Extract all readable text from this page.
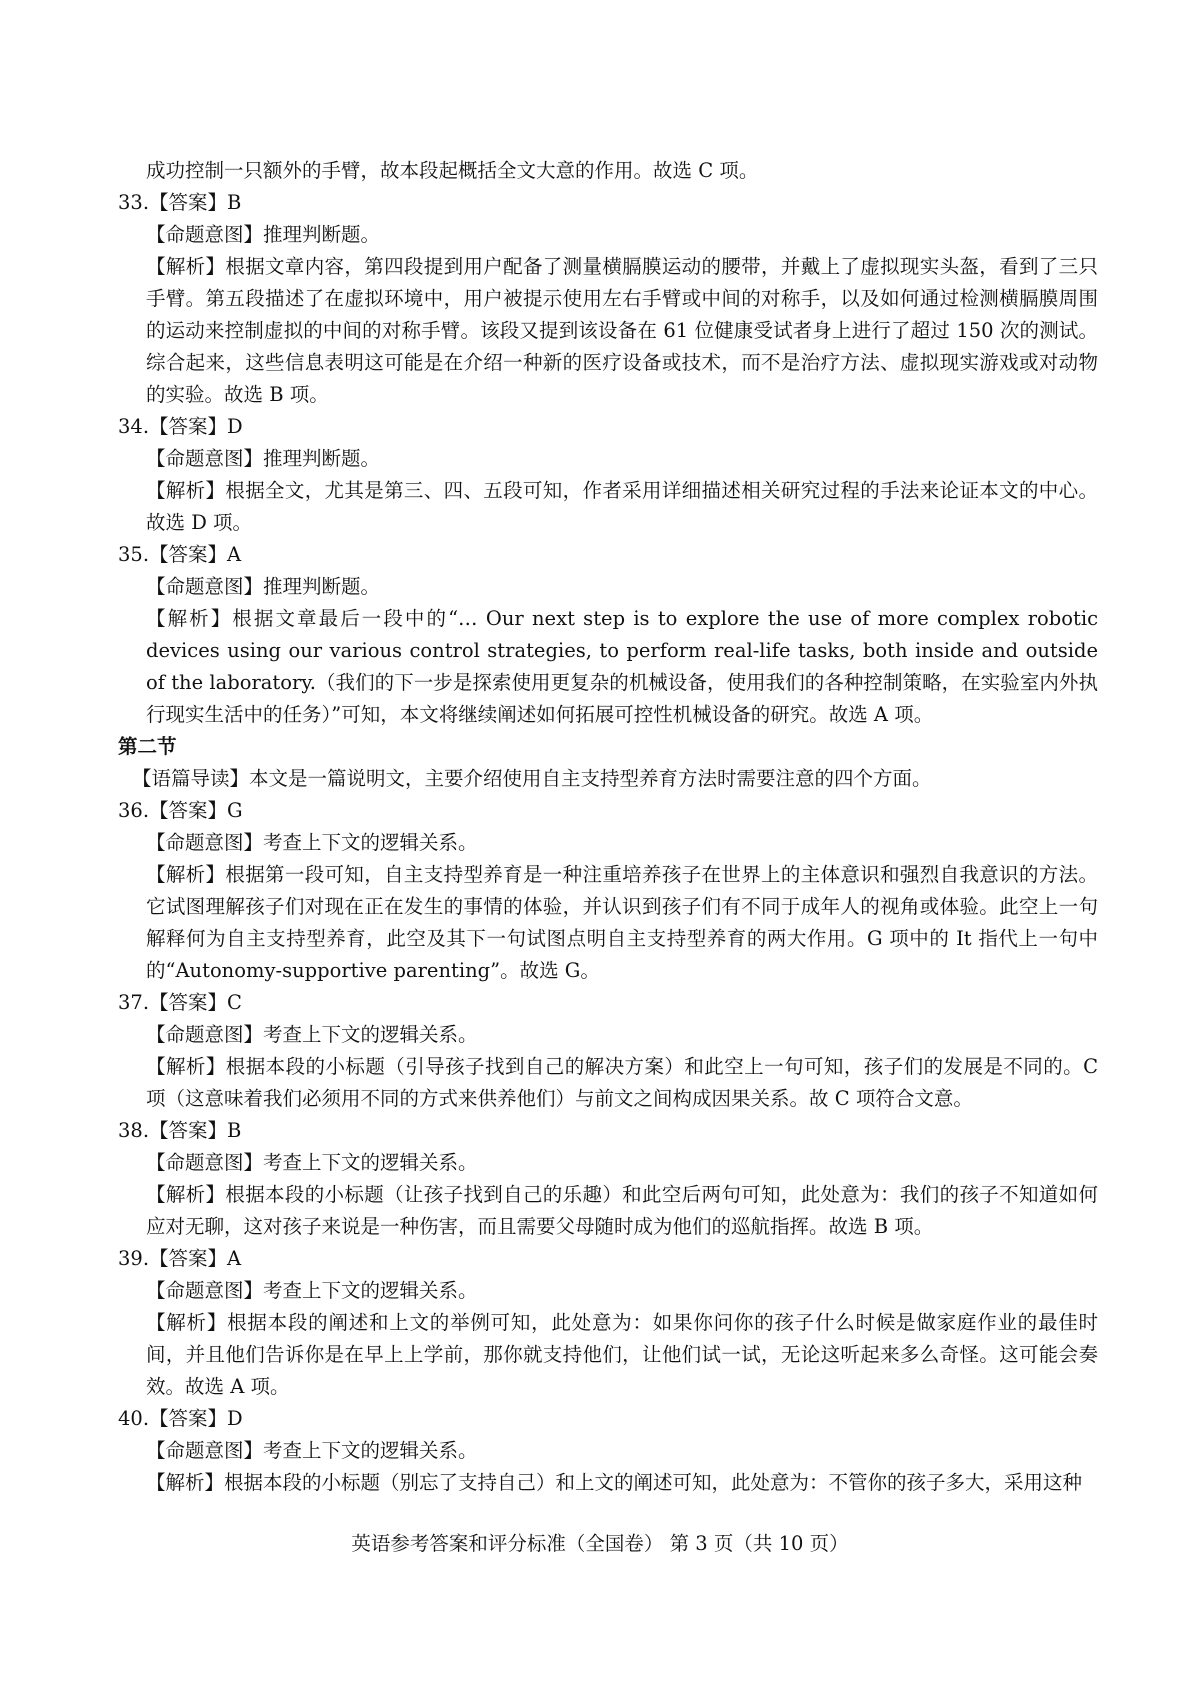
成功控制一只额外的手臂，故本段起概括全文大意的作用。故选 C 项。
33.【答案】B
【命题意图】推理判断题。
【解析】根据文章内容，第四段提到用户配备了测量横膈膜运动的腰带，并戴上了虚拟现实头盔，看到了三只手臂。第五段描述了在虚拟环境中，用户被提示使用左右手臂或中间的对称手，以及如何通过检测横膈膜周围的运动来控制虚拟的中间的对称手臂。该段又提到该设备在 61 位健康受试者身上进行了超过 150 次的测试。综合起来，这些信息表明这可能是在介绍一种新的医疗设备或技术，而不是治疗方法、虚拟现实游戏或对动物的实验。故选 B 项。
34.【答案】D
【命题意图】推理判断题。
【解析】根据全文，尤其是第三、四、五段可知，作者采用详细描述相关研究过程的手法来论证本文的中心。故选 D 项。
35.【答案】A
【命题意图】推理判断题。
【解析】根据文章最后一段中的“… Our next step is to explore the use of more complex robotic devices using our various control strategies, to perform real-life tasks, both inside and outside of the laboratory.（我们的下一步是探索使用更复杂的机械设备，使用我们的各种控制策略，在实验室内外执行现实生活中的任务）”可知，本文将继续阐述如何拓展可控性机械设备的研究。故选 A 项。
第二节
【语篇导读】本文是一篇说明文，主要介绍使用自主支持型养育方法时需要注意的四个方面。
36.【答案】G
【命题意图】考查上下文的逻辑关系。
【解析】根据第一段可知，自主支持型养育是一种注重培养孩子在世界上的主体意识和强烈自我意识的方法。它试图理解孩子们对现在正在发生的事情的体验，并认识到孩子们有不同于成年人的视角或体验。此空上一句解释何为自主支持型养育，此空及其下一句试图点明自主支持型养育的两大作用。G 项中的 It 指代上一句中的“Autonomy-supportive parenting”。故选 G。
37.【答案】C
【命题意图】考查上下文的逻辑关系。
【解析】根据本段的小标题（引导孩子找到自己的解决方案）和此空上一句可知，孩子们的发展是不同的。C 项（这意味着我们必须用不同的方式来供养他们）与前文之间构成因果关系。故 C 项符合文意。
38.【答案】B
【命题意图】考查上下文的逻辑关系。
【解析】根据本段的小标题（让孩子找到自己的乐趣）和此空后两句可知，此处意为：我们的孩子不知道如何应对无聊，这对孩子来说是一种伤害，而且需要父母随时成为他们的巡航指挥。故选 B 项。
39.【答案】A
【命题意图】考查上下文的逻辑关系。
【解析】根据本段的阐述和上文的举例可知，此处意为：如果你问你的孩子什么时候是做家庭作业的最佳时间，并且他们告诉你是在早上上学前，那你就支持他们，让他们试一试，无论这听起来多么奇怪。这可能会奏效。故选 A 项。
40.【答案】D
【命题意图】考查上下文的逻辑关系。
【解析】根据本段的小标题（别忘了支持自己）和上文的阐述可知，此处意为：不管你的孩子多大，采用这种
英语参考答案和评分标准（全国卷） 第 3 页（共 10 页）
